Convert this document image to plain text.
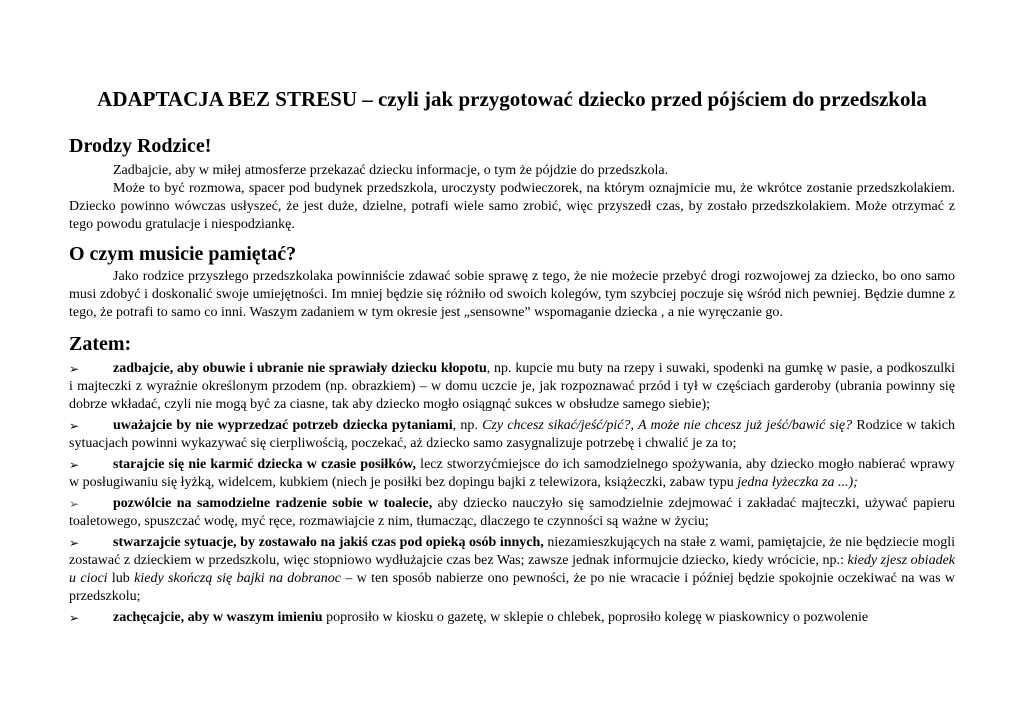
ADAPTACJA BEZ STRESU – czyli jak przygotować dziecko przed pójściem do przedszkola
Drodzy Rodzice!

Zadbajcie, aby w miłej atmosferze przekazać dziecku informacje, o tym że pójdzie do przedszkola.

Może to być rozmowa, spacer pod budynek przedszkola, uroczysty podwieczorek, na którym oznajmicie mu, że wkrótce zostanie przedszkolakiem. Dziecko powinno wówczas usłyszeć, że jest duże, dzielne, potrafi wiele samo zrobić, więc przyszedł czas, by zostało przedszkolakiem. Może otrzymać z tego powodu gratulacje i niespodziankę.

O czym musicie pamiętać?

Jako rodzice przyszłego przedszkolaka powinniście zdawać sobie sprawę z tego, że nie możecie przebyć drogi rozwojowej za dziecko, bo ono samo musi zdobyć i doskonalić swoje umiejętności. Im mniej będzie się różniło od swoich kolegów, tym szybciej poczuje się wśród nich pewniej. Będzie dumne z tego, że potrafi to samo co inni. Waszym zadaniem w tym okresie jest „sensowne” wspomaganie dziecka , a nie wyręczanie go.

Zatem:
➢ zadbajcie, aby obuwie i ubranie nie sprawiały dziecku kłopotu, np. kupcie mu buty na rzepy i suwaki, spodenki na gumkę w pasie, a podkoszulki i majteczki z wyraźnie określonym przodem (np. obrazkiem) – w domu uczcie je, jak rozpoznawać przód i tył w częściach garderoby (ubrania powinny się dobrze wkładać, czyli nie mogą być za ciasne, tak aby dziecko mogło osiągnąć sukces w obsłudze samego siebie);
➢ uważajcie by nie wyprzedzać potrzeb dziecka pytaniami, np. Czy chcesz sikać/jeść/pić?, A może nie chcesz już jeść/bawić się? Rodzice w takich sytuacjach powinni wykazywać się cierpliwością, poczekać, aż dziecko samo zasygnalizuje potrzebę i chwalić je za to;
➢ starajcie się nie karmić dziecka w czasie posiłków, lecz stworzyćmiejsce do ich samodzielnego spożywania, aby dziecko mogło nabierać wprawy w posługiwaniu się łyżką, widelcem, kubkiem (niech je posiłki bez dopingu bajki z telewizora, książeczki, zabaw typu jedna łyżeczka za ...);
➢ pozwólcie na samodzielne radzenie sobie w toalecie, aby dziecko nauczyło się samodzielnie zdejmować i zakładać majteczki, używać papieru toaletowego, spuszczać wodę, myć ręce, rozmawiajcie z nim, tłumacząc, dlaczego te czynności są ważne w życiu;
➢ stwarzajcie sytuacje, by zostawało na jakiś czas pod opieką osób innych, niezamieszkujących na stałe z wami, pamiętajcie, że nie będziecie mogli zostawać z dzieckiem w przedszkolu, więc stopniowo wydłużajcie czas bez Was; zawsze jednak informujcie dziecko, kiedy wrócicie, np.: kiedy zjesz obiadek u cioci lub kiedy skończą się bajki na dobranoc – w ten sposób nabierze ono pewności, że po nie wracacie i później będzie spokojnie oczekiwać na was w przedszkolu;
➢ zachęcajcie, aby w waszym imieniu poprosiło w kiosku o gazetę, w sklepie o chlebek, poprosiło kolegę w piaskownicy o pozwolenie
